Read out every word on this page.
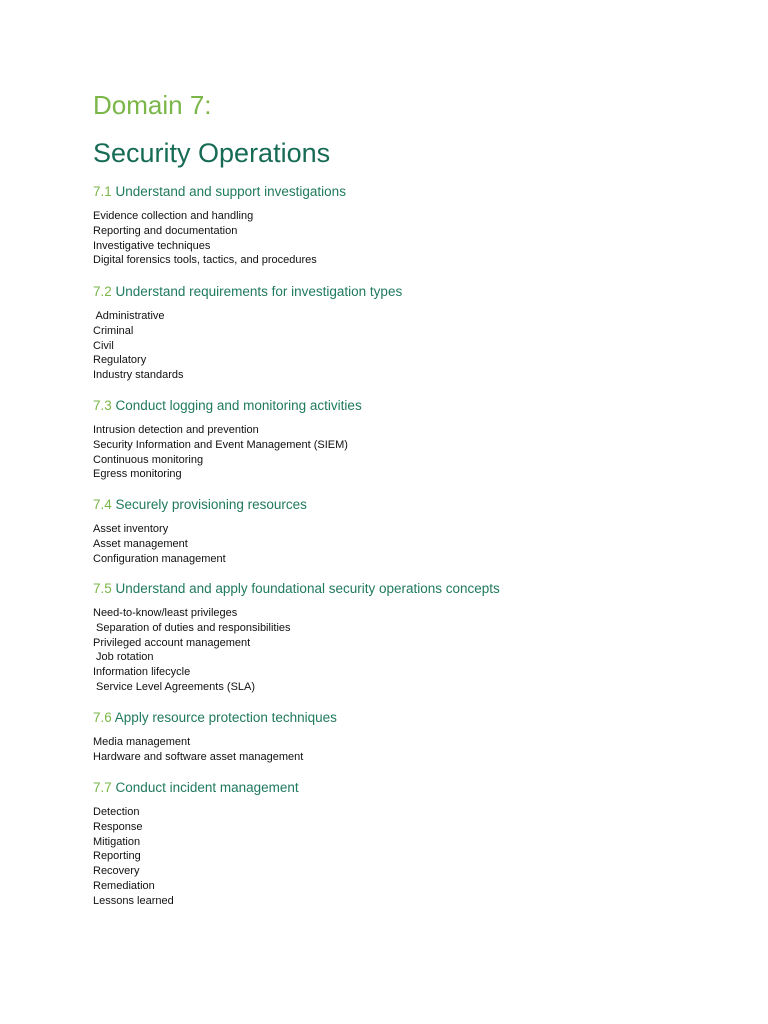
Domain 7:
Security Operations
7.1 Understand and support investigations
Evidence collection and handling
Reporting and documentation
Investigative techniques
Digital forensics tools, tactics, and procedures
7.2 Understand requirements for investigation types
Administrative
Criminal
Civil
Regulatory
Industry standards
7.3 Conduct logging and monitoring activities
Intrusion detection and prevention
Security Information and Event Management (SIEM)
Continuous monitoring
Egress monitoring
7.4 Securely provisioning resources
Asset inventory
Asset management
Configuration management
7.5 Understand and apply foundational security operations concepts
Need-to-know/least privileges
Separation of duties and responsibilities
Privileged account management
Job rotation
Information lifecycle
Service Level Agreements (SLA)
7.6 Apply resource protection techniques
Media management
Hardware and software asset management
7.7 Conduct incident management
Detection
Response
Mitigation
Reporting
Recovery
Remediation
Lessons learned
